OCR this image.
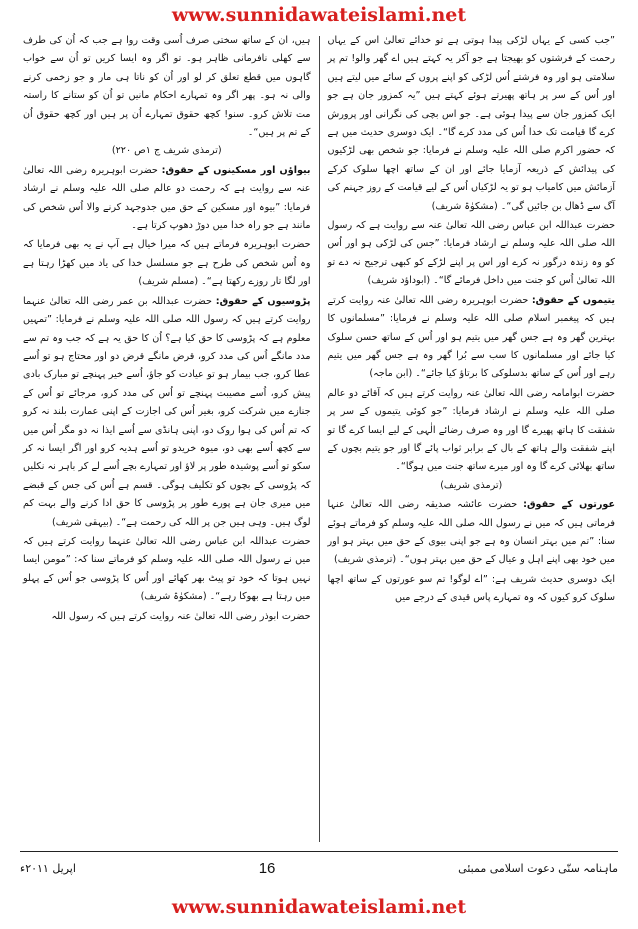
www.sunnidawateislami.net

”جب کسی کے یہاں لڑکی پیدا ہوتی ہے تو خدائے تعالیٰ اس کے یہاں رحمت کے فرشتوں کو بھیجتا ہے جو آکر یہ کہتے ہیں اے گھر والو! تم پر سلامتی ہو اور وہ فرشتے اُس لڑکی کو اپنے پروں کے سائے میں لیتے ہیں اور اُس کے سر پر ہاتھ پھیرتے ہوئے کہتے ہیں ”یہ کمزور جان ہے جو ایک کمزور جان سے پیدا ہوئی ہے۔ جو اس بچی کی نگرانی اور پرورش کرے گا قیامت تک خدا اُس کی مدد کرے گا“۔ ایک دوسری حدیث میں ہے کہ حضور اکرم صلی اللہ علیہ وسلم نے فرمایا: جو شخص بھی لڑکیوں کی پیدائش کے ذریعہ آزمایا جائے اور ان کے ساتھ اچھا سلوک کرکے آزمائش میں کامیاب ہو تو یہ لڑکیاں اُس کے لیے قیامت کے روز جہنم کی آگ سے ڈھال بن جائیں گی“۔ (مشکوٰۃ شریف)

حضرت عبداللہ ابن عباس رضی اللہ تعالیٰ عنہ سے روایت ہے کہ رسول اللہ صلی اللہ علیہ وسلم نے ارشاد فرمایا: ”جس کی لڑکی ہو اور اُس کو وہ زندہ درگور نہ کرے اور اس پر اپنے لڑکے کو کبھی ترجیح نہ دے تو اللہ تعالیٰ اُس کو جنت میں داخل فرمائے گا“۔ (ابوداؤد شریف)

یتیموں کے حقوق: حضرت ابوہریرہ رضی اللہ تعالیٰ عنہ روایت کرتے ہیں کہ پیغمبر اسلام صلی اللہ علیہ وسلم نے فرمایا: ”مسلمانوں کا بہترین گھر وہ ہے جس گھر میں یتیم ہو اور اُس کے ساتھ حسن سلوک کیا جائے اور مسلمانوں کا سب سے بُرا گھر وہ ہے جس گھر میں یتیم رہے اور اُس کے ساتھ بدسلوکی کا برتاؤ کیا جائے“۔ (ابن ماجہ)

حضرت ابوامامہ رضی اللہ تعالیٰ عنہ روایت کرتے ہیں کہ آقائے دو عالم صلی اللہ علیہ وسلم نے ارشاد فرمایا: ”جو کوئی یتیموں کے سر پر شفقت کا ہاتھ پھیرے گا اور وہ صرف رضائے الٰہی کے لیے ایسا کرے گا تو اپنے شفقت والے ہاتھ کے بال کے برابر ثواب پائے گا اور جو یتیم بچوں کے ساتھ بھلائی کرے گا وہ اور میرے ساتھ جنت میں ہوگا“۔
(ترمذی شریف)

عورتوں کے حقوق: حضرت عائشہ صدیقہ رضی اللہ تعالیٰ عنہا فرماتی ہیں کہ میں نے رسول اللہ صلی اللہ علیہ وسلم کو فرماتے ہوئے سنا: ”تم میں بہتر انسان وہ ہے جو اپنی بیوی کے حق میں بہتر ہو اور میں خود بھی اپنے اہل و عیال کے حق میں بہتر ہوں“۔ (ترمذی شریف)

ایک دوسری حدیث شریف ہے: ”اے لوگو! تم سو عورتوں کے ساتھ اچھا سلوک کرو کیوں کہ وہ تمہارے پاس قیدی کے درجے میں

ہیں، ان کے ساتھ سختی صرف اُسی وقت روا ہے جب کہ اُن کی طرف سے کھلی نافرمانی ظاہر ہو۔ تو اگر وہ ایسا کریں تو اُن سے خواب گاہوں میں قطع تعلق کر لو اور اُن کو ناتا ہی مار و جو زخمی کرنے والی نہ ہو۔ پھر اگر وہ تمہارے احکام مانیں تو اُن کو ستانے کا راستہ مت تلاش کرو۔ سنو! کچھ حقوق تمہارے اُن پر ہیں اور کچھ حقوق اُن کے تم پر ہیں“۔
(ترمذی شریف ج ۱ص ۲۲۰)

بیواؤں اور مسکینوں کے حقوق: حضرت ابوہریرہ رضی اللہ تعالیٰ عنہ سے روایت ہے کہ رحمت دو عالم صلی اللہ علیہ وسلم نے ارشاد فرمایا: ”بیوہ اور مسکین کے حق میں جدوجہد کرنے والا اُس شخص کی مانند ہے جو راہ خدا میں دوڑ دھوپ کرتا ہے۔

حضرت ابوہریرہ فرماتے ہیں کہ میرا خیال ہے آپ نے یہ بھی فرمایا کہ وہ اُس شخص کی طرح ہے جو مسلسل خدا کی یاد میں کھڑا رہتا ہے اور لگا تار روزے رکھتا ہے“۔ (مسلم شریف)

پڑوسیوں کے حقوق: حضرت عبداللہ بن عمر رضی اللہ تعالیٰ عنہما روایت کرتے ہیں کہ رسول اللہ صلی اللہ علیہ وسلم نے فرمایا: ”تمہیں معلوم ہے کہ پڑوسی کا حق کیا ہے؟ اُن کا حق یہ ہے کہ جب وہ تم سے مدد مانگے اُس کی مدد کرو، قرض مانگے قرض دو اور محتاج ہو تو اُسے عطا کرو، جب بیمار ہو تو عیادت کو جاؤ، اُسے خیر پہنچے تو مبارک بادی پیش کرو، اُسے مصیبت پہنچے تو اُس کی مدد کرو، مرجائے تو اُس کے جنازے میں شرکت کرو، بغیر اُس کی اجازت کے اپنی عمارت بلند نہ کرو کہ تم اُس کی ہوا روک دو، اپنی ہانڈی سے اُسے ایذا نہ دو مگر اُس میں سے کچھ اُسے بھی دو، میوہ خریدو تو اُسے ہدیہ کرو اور اگر ایسا نہ کر سکو تو اُسے پوشیدہ طور پر لاؤ اور تمہارے بچے اُسے لے کر باہر نہ نکلیں کہ پڑوسی کے بچوں کو تکلیف ہوگی۔ قسم ہے اُس کی جس کے قبضے میں میری جان ہے پورے طور پر پڑوسی کا حق ادا کرنے والے بہت کم لوگ ہیں۔ وہی ہیں جن پر اللہ کی رحمت ہے“۔ (بیہقی شریف)

حضرت عبداللہ ابن عباس رضی اللہ تعالیٰ عنہما روایت کرتے ہیں کہ میں نے رسول اللہ صلی اللہ علیہ وسلم کو فرماتے سنا کہ: ”مومن ایسا نہیں ہوتا کہ خود تو پیٹ بھر کھائے اور اُس کا پڑوسی جو اُس کے پہلو میں رہتا ہے بھوکا رہے“۔ (مشکوٰۃ شریف)

حضرت ابوذر رضی اللہ تعالیٰ عنہ روایت کرتے ہیں کہ رسول اللہ

ماہنامہ سنّی دعوت اسلامی ممبئی
16
اپریل ۲۰۱۱ء
www.sunnidawateislami.net
